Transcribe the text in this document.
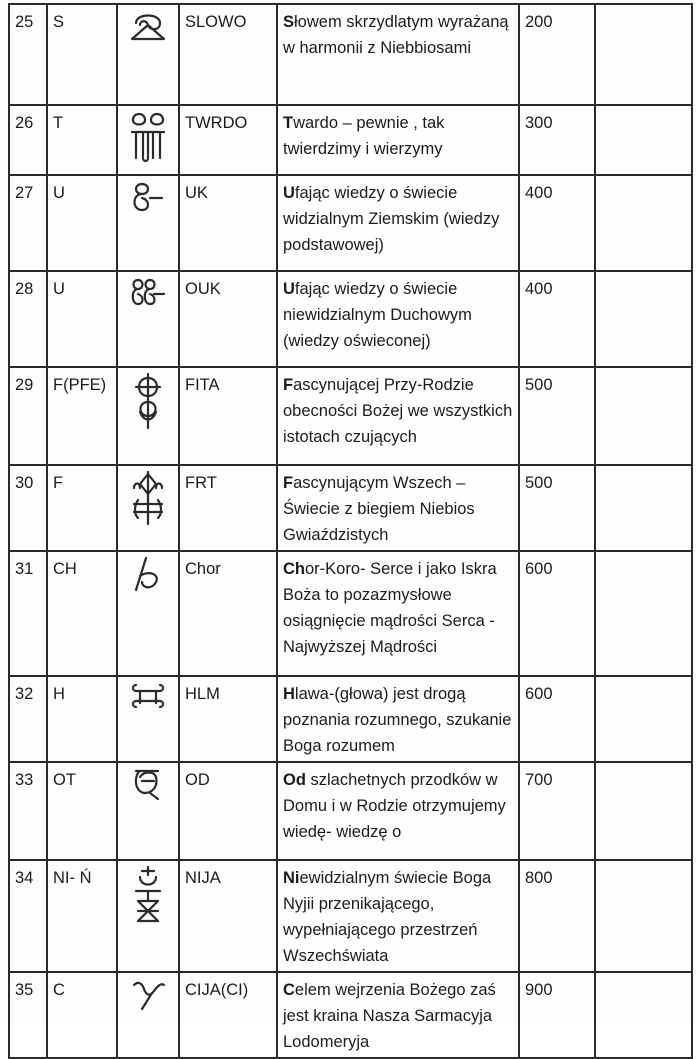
25	S		SLOWO	Słowem skrzydlatym wyrażaną w harmonii z Niebbiosami	200	
26	T		TWRDO	Twardo – pewnie , tak twierdzimy i wierzymy	300	
27	U		UK	Ufając wiedzy o świecie widzialnym Ziemskim (wiedzy podstawowej)	400	
28	U		OUK	Ufając wiedzy o świecie niewidzialnym Duchowym (wiedzy oświeconej)	400	
29	F(PFE)		FITA	Fascynującej Przy-Rodzie obecności Bożej we wszystkich istotach czujących	500	
30	F		FRT	Fascynującym Wszech – Świecie z biegiem Niebios Gwiaździstych	500	
31	CH		Chor	Chor-Koro- Serce i jako Iskra Boża to pozazmysłowe osiągnięcie mądrości Serca - Najwyższej Mądrości	600	
32	H		HLM	Hlawa-(głowa) jest drogą poznania rozumnego, szukanie Boga rozumem	600	
33	OT		OD	Od szlachetnych przodków w Domu i w Rodzie otrzymujemy wiedę- wiedzę o	700	
34	NI- Ń		NIJA	Niewidzialnym świecie Boga Nyjii przenikającego, wypełniającego przestrzeń Wszechświata	800	
35	C		CIJA(CI)	Celem wejrzenia Bożego zaś jest kraina Nasza Sarmacyja Lodomeryja	900	
